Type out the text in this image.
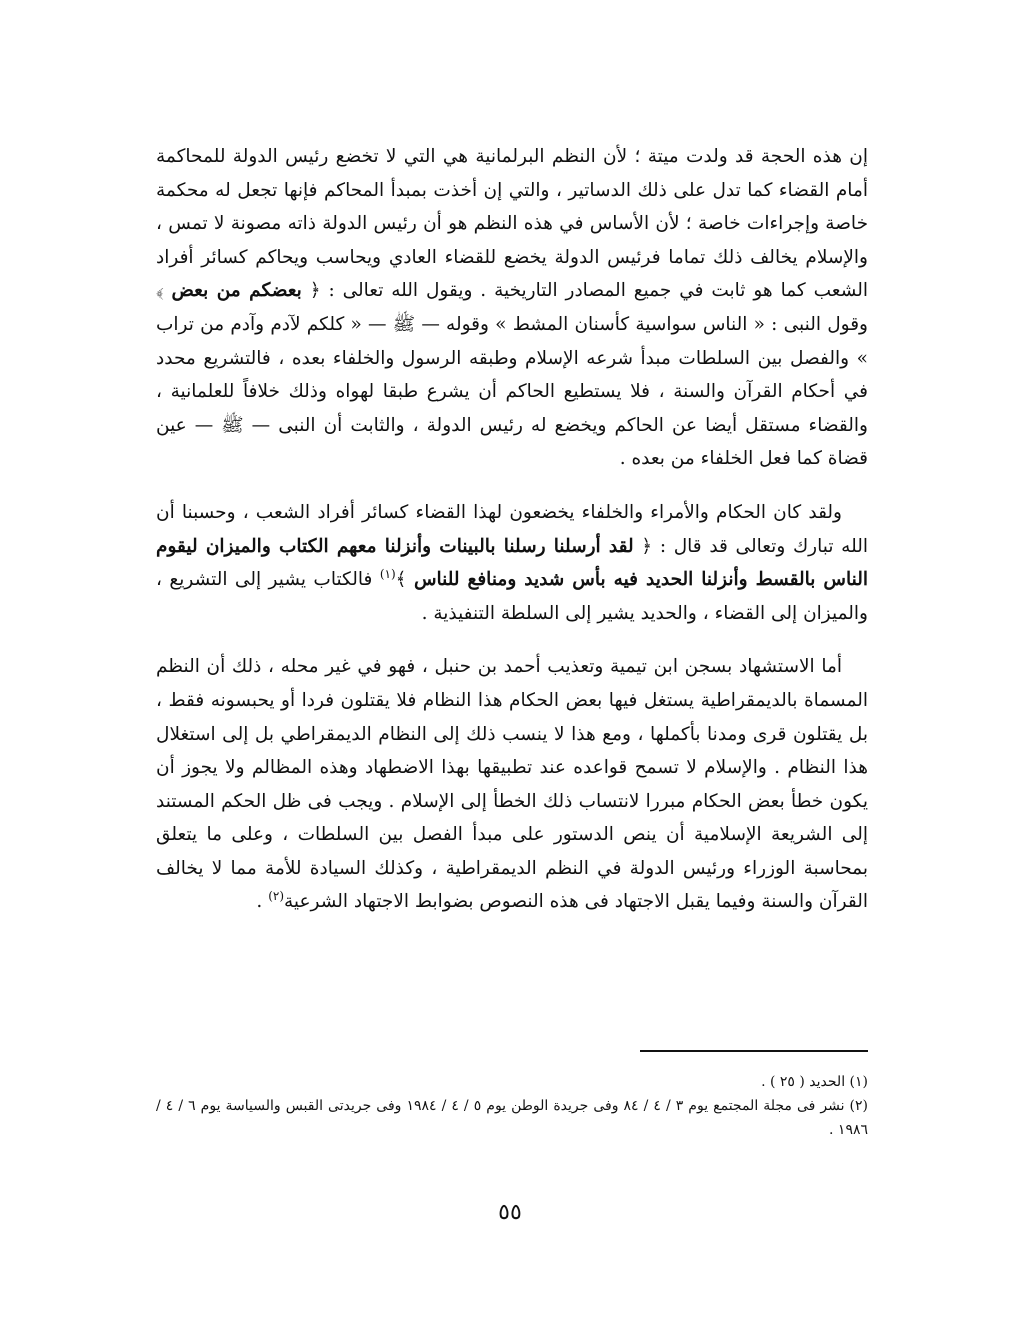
إن هذه الحجة قد ولدت ميتة ؛ لأن النظم البرلمانية هي التي لا تخضع رئيس الدولة للمحاكمة أمام القضاء كما تدل على ذلك الدساتير ، والتي إن أخذت بمبدأ المحاكم فإنها تجعل له محكمة خاصة وإجراءات خاصة ؛ لأن الأساس في هذه النظم هو أن رئيس الدولة ذاته مصونة لا تمس ، والإسلام يخالف ذلك تماما فرئيس الدولة يخضع للقضاء العادي ويحاسب ويحاكم كسائر أفراد الشعب كما هو ثابت في جميع المصادر التاريخية . ويقول الله تعالى : ﴿ بعضكم من بعض ﴾ وقول النبى : « الناس سواسية كأسنان المشط » وقوله — ﷺ — « كلكم لآدم وآدم من تراب » والفصل بين السلطات مبدأ شرعه الإسلام وطبقه الرسول والخلفاء بعده ، فالتشريع محدد في أحكام القرآن والسنة ، فلا يستطيع الحاكم أن يشرع طبقا لهواه وذلك خلافاً للعلمانية ، والقضاء مستقل أيضا عن الحاكم ويخضع له رئيس الدولة ، والثابت أن النبى — ﷺ — عين قضاة كما فعل الخلفاء من بعده .

ولقد كان الحكام والأمراء والخلفاء يخضعون لهذا القضاء كسائر أفراد الشعب ، وحسبنا أن الله تبارك وتعالى قد قال : ﴿ لقد أرسلنا رسلنا بالبينات وأنزلنا معهم الكتاب والميزان ليقوم الناس بالقسط وأنزلنا الحديد فيه بأس شديد ومنافع للناس ﴾$^{(١)}$ فالكتاب يشير إلى التشريع ، والميزان إلى القضاء ، والحديد يشير إلى السلطة التنفيذية .

أما الاستشهاد بسجن ابن تيمية وتعذيب أحمد بن حنبل ، فهو في غير محله ، ذلك أن النظم المسماة بالديمقراطية يستغل فيها بعض الحكام هذا النظام فلا يقتلون فردا أو يحبسونه فقط ، بل يقتلون قرى ومدنا بأكملها ، ومع هذا لا ينسب ذلك إلى النظام الديمقراطي بل إلى استغلال هذا النظام . والإسلام لا تسمح قواعده عند تطبيقها بهذا الاضطهاد وهذه المظالم ولا يجوز أن يكون خطأ بعض الحكام مبررا لانتساب ذلك الخطأ إلى الإسلام . ويجب فى ظل الحكم المستند إلى الشريعة الإسلامية أن ينص الدستور على مبدأ الفصل بين السلطات ، وعلى ما يتعلق بمحاسبة الوزراء ورئيس الدولة في النظم الديمقراطية ، وكذلك السيادة للأمة مما لا يخالف القرآن والسنة وفيما يقبل الاجتهاد فى هذه النصوص بضوابط الاجتهاد الشرعية$^{(٢)}$ .

(١) الحديد ( ٢٥ ) .

(٢) نشر فى مجلة المجتمع يوم ٣ / ٤ / ٨٤ وفى جريدة الوطن يوم ٥ / ٤ / ١٩٨٤ وفى جريدتى القبس والسياسة يوم ٦ / ٤ / ١٩٨٦ .

٥٥
